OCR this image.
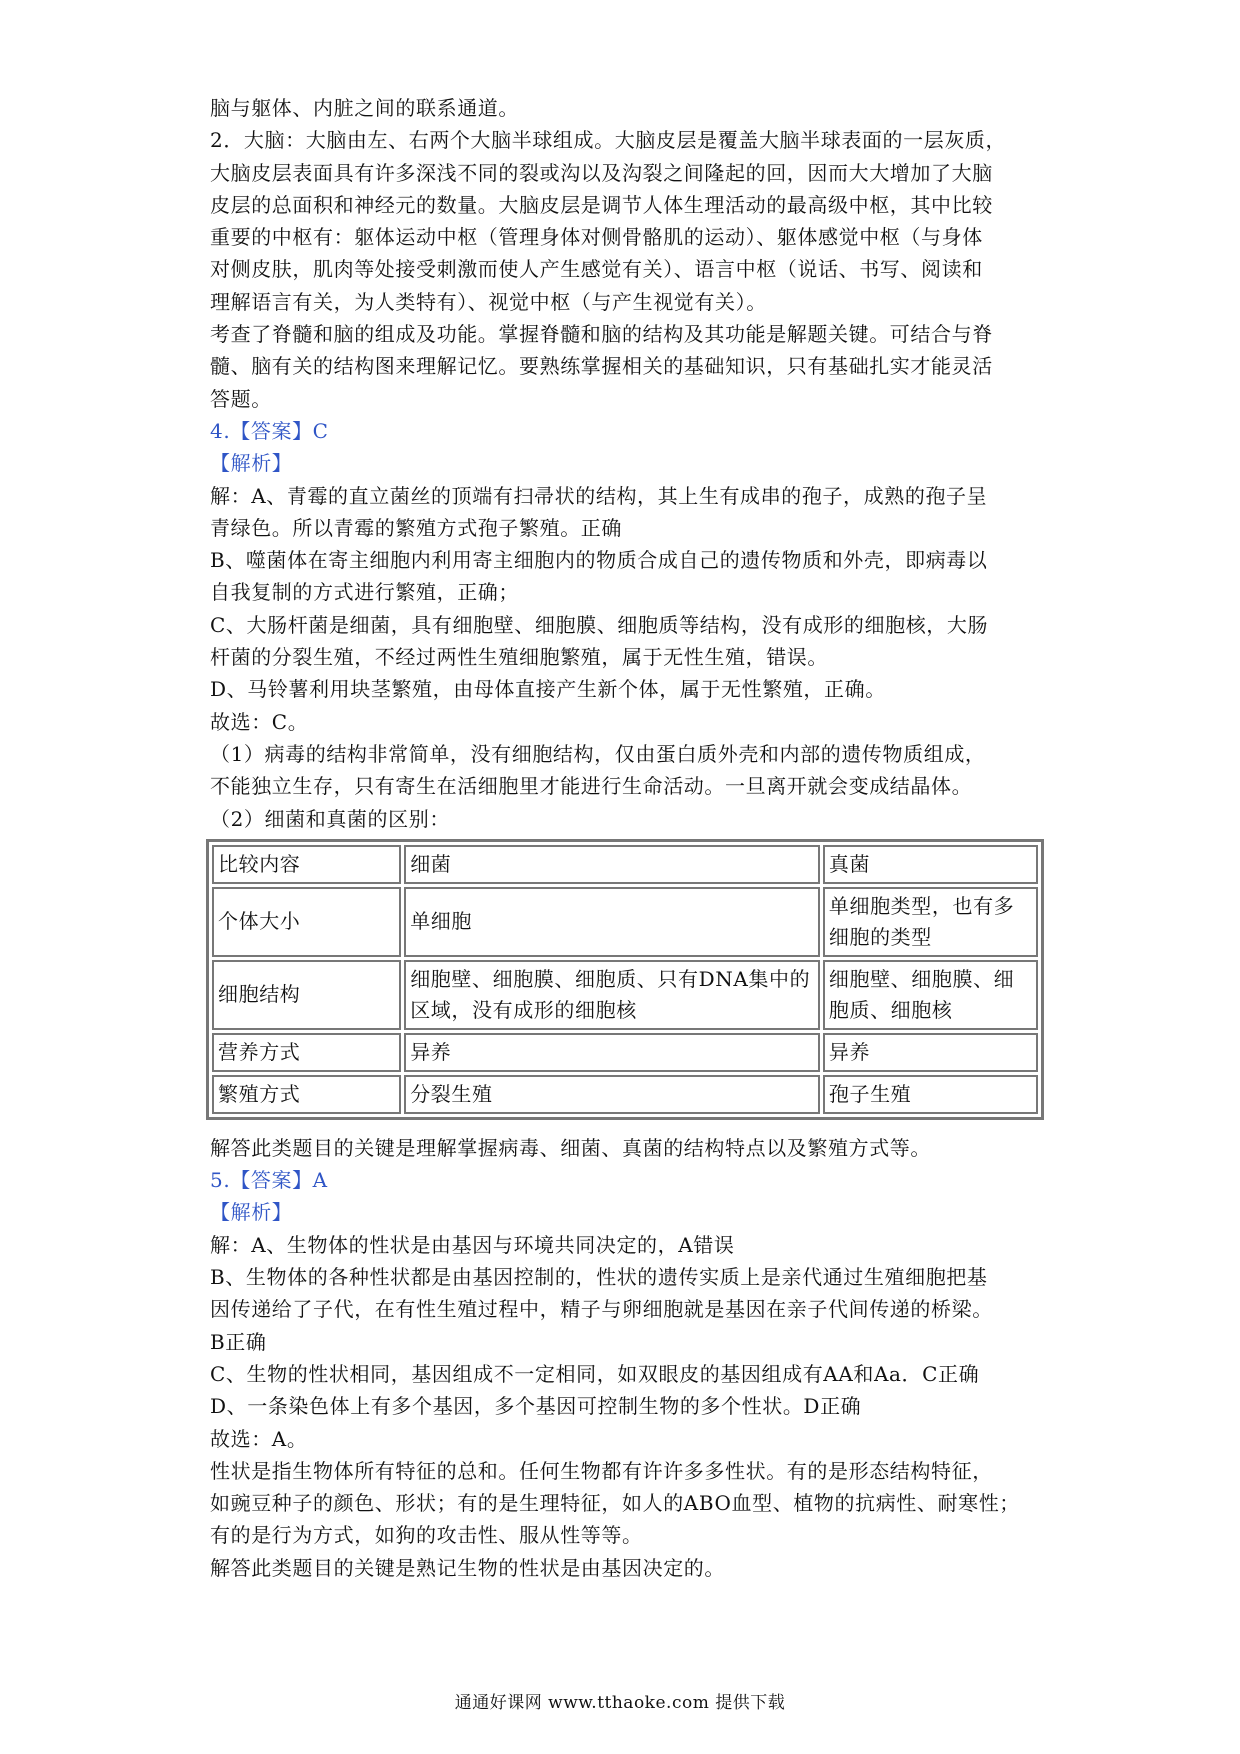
脑与躯体、内脏之间的联系通道。
2．大脑：大脑由左、右两个大脑半球组成。大脑皮层是覆盖大脑半球表面的一层灰质，
大脑皮层表面具有许多深浅不同的裂或沟以及沟裂之间隆起的回，因而大大增加了大脑
皮层的总面积和神经元的数量。大脑皮层是调节人体生理活动的最高级中枢，其中比较
重要的中枢有：躯体运动中枢（管理身体对侧骨骼肌的运动）、躯体感觉中枢（与身体
对侧皮肤，肌肉等处接受刺激而使人产生感觉有关）、语言中枢（说话、书写、阅读和
理解语言有关，为人类特有）、视觉中枢（与产生视觉有关）。
考查了脊髓和脑的组成及功能。掌握脊髓和脑的结构及其功能是解题关键。可结合与脊
髓、脑有关的结构图来理解记忆。要熟练掌握相关的基础知识，只有基础扎实才能灵活
答题。
4.【答案】C
【解析】
解：A、青霉的直立菌丝的顶端有扫帚状的结构，其上生有成串的孢子，成熟的孢子呈
青绿色。所以青霉的繁殖方式孢子繁殖。正确
B、噬菌体在寄主细胞内利用寄主细胞内的物质合成自己的遗传物质和外壳，即病毒以
自我复制的方式进行繁殖，正确；
C、大肠杆菌是细菌，具有细胞壁、细胞膜、细胞质等结构，没有成形的细胞核，大肠
杆菌的分裂生殖，不经过两性生殖细胞繁殖，属于无性生殖，错误。
D、马铃薯利用块茎繁殖，由母体直接产生新个体，属于无性繁殖，正确。
故选：C。
（1）病毒的结构非常简单，没有细胞结构，仅由蛋白质外壳和内部的遗传物质组成，
不能独立生存，只有寄生在活细胞里才能进行生命活动。一旦离开就会变成结晶体。
（2）细菌和真菌的区别：
比较内容	细菌	真菌
个体大小	单细胞	单细胞类型，也有多细胞的类型
细胞结构	细胞壁、细胞膜、细胞质、只有DNA集中的区域，没有成形的细胞核	细胞壁、细胞膜、细胞质、细胞核
营养方式	异养	异养
繁殖方式	分裂生殖	孢子生殖
解答此类题目的关键是理解掌握病毒、细菌、真菌的结构特点以及繁殖方式等。
5.【答案】A
【解析】
解：A、生物体的性状是由基因与环境共同决定的，A错误
B、生物体的各种性状都是由基因控制的，性状的遗传实质上是亲代通过生殖细胞把基
因传递给了子代，在有性生殖过程中，精子与卵细胞就是基因在亲子代间传递的桥梁。
B正确
C、生物的性状相同，基因组成不一定相同，如双眼皮的基因组成有AA和Aa．C正确
D、一条染色体上有多个基因，多个基因可控制生物的多个性状。D正确
故选：A。
性状是指生物体所有特征的总和。任何生物都有许许多多性状。有的是形态结构特征，
如豌豆种子的颜色、形状；有的是生理特征，如人的ABO血型、植物的抗病性、耐寒性；
有的是行为方式，如狗的攻击性、服从性等等。
解答此类题目的关键是熟记生物的性状是由基因决定的。
通通好课网 www.tthaoke.com 提供下载
